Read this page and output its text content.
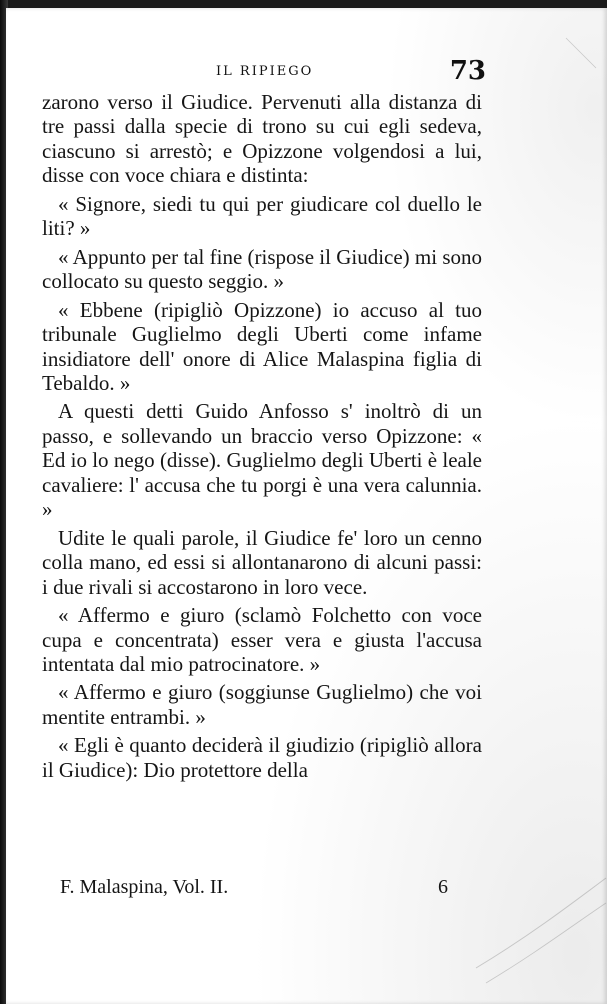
IL RIPIEGO	73

zarono verso il Giudice. Pervenuti alla distanza di tre passi dalla specie di trono su cui egli sedeva, ciascuno si arrestò; e Opizzone volgendosi a lui, disse con voce chiara e distinta:

« Signore, siedi tu qui per giudicare col duello le liti? »

« Appunto per tal fine (rispose il Giudice) mi sono collocato su questo seggio. »

« Ebbene (ripigliò Opizzone) io accuso al tuo tribunale Guglielmo degli Uberti come infame insidiatore dell' onore di Alice Malaspina figlia di Tebaldo. »

A questi detti Guido Anfosso s' inoltrò di un passo, e sollevando un braccio verso Opizzone: « Ed io lo nego (disse). Guglielmo degli Uberti è leale cavaliere: l' accusa che tu porgi è una vera calunnia. »

Udite le quali parole, il Giudice fe' loro un cenno colla mano, ed essi si allontanarono di alcuni passi: i due rivali si accostarono in loro vece.

« Affermo e giuro (sclamò Folchetto con voce cupa e concentrata) esser vera e giusta l'accusa intentata dal mio patrocinatore. »

« Affermo e giuro (soggiunse Guglielmo) che voi mentite entrambi. »

« Egli è quanto deciderà il giudizio (ripigliò allora il Giudice): Dio protettore della

F. Malaspina, Vol. II.	6
